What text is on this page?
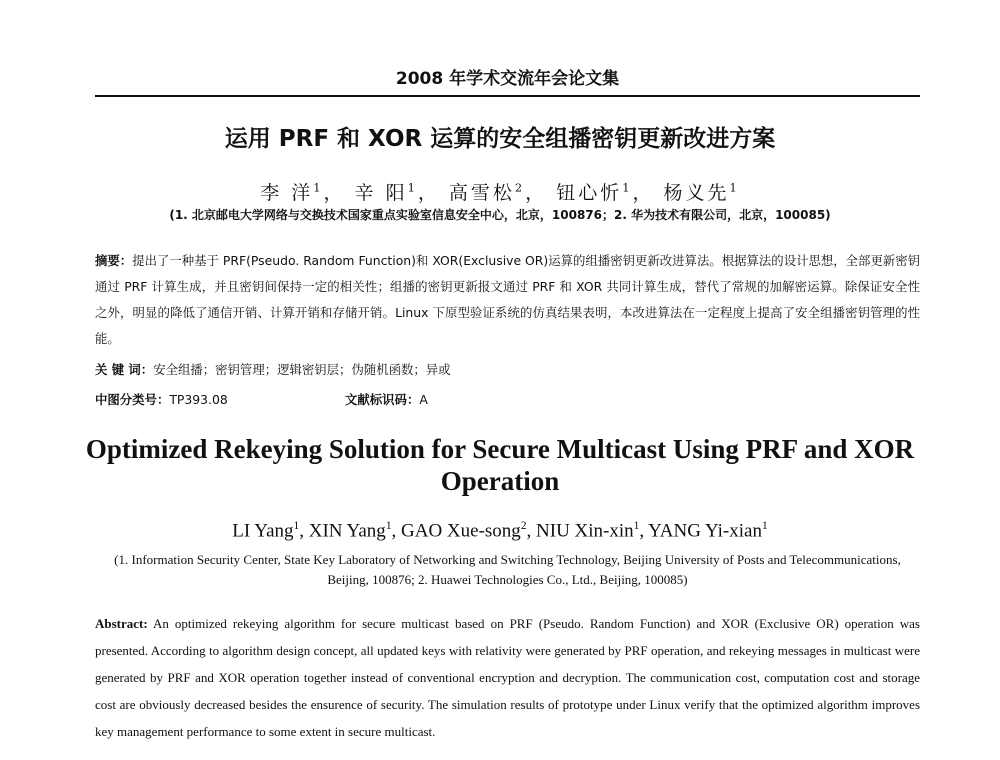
2008 年学术交流年会论文集
运用 PRF 和 XOR 运算的安全组播密钥更新改进方案
李 洋$^1$， 辛 阳$^1$， 高雪松$^2$， 钮心忻$^1$， 杨义先$^1$
(1. 北京邮电大学网络与交换技术国家重点实验室信息安全中心，北京，100876；2. 华为技术有限公司，北京，100085)
摘要：提出了一种基于 PRF(Pseudo. Random Function)和 XOR(Exclusive OR)运算的组播密钥更新改进算法。根据算法的设计思想，全部更新密钥通过 PRF 计算生成，并且密钥间保持一定的相关性；组播的密钥更新报文通过 PRF 和 XOR 共同计算生成，替代了常规的加解密运算。除保证安全性之外，明显的降低了通信开销、计算开销和存储开销。Linux 下原型验证系统的仿真结果表明，本改进算法在一定程度上提高了安全组播密钥管理的性能。
关 键 词：安全组播；密钥管理；逻辑密钥层；伪随机函数；异或
中图分类号：TP393.08	文献标识码：A
Optimized Rekeying Solution for Secure Multicast Using PRF and XOR Operation
LI Yang$^1$, XIN Yang$^1$, GAO Xue-song$^2$, NIU Xin-xin$^1$, YANG Yi-xian$^1$
(1. Information Security Center, State Key Laboratory of Networking and Switching Technology, Beijing University of Posts and Telecommunications, Beijing, 100876; 2. Huawei Technologies Co., Ltd., Beijing, 100085)
Abstract: An optimized rekeying algorithm for secure multicast based on PRF (Pseudo. Random Function) and XOR (Exclusive OR) operation was presented. According to algorithm design concept, all updated keys with relativity were generated by PRF operation, and rekeying messages in multicast were generated by PRF and XOR operation together instead of conventional encryption and decryption. The communication cost, computation cost and storage cost are obviously decreased besides the ensurence of security. The simulation results of prototype under Linux verify that the optimized algorithm improves key management performance to some extent in secure multicast.
